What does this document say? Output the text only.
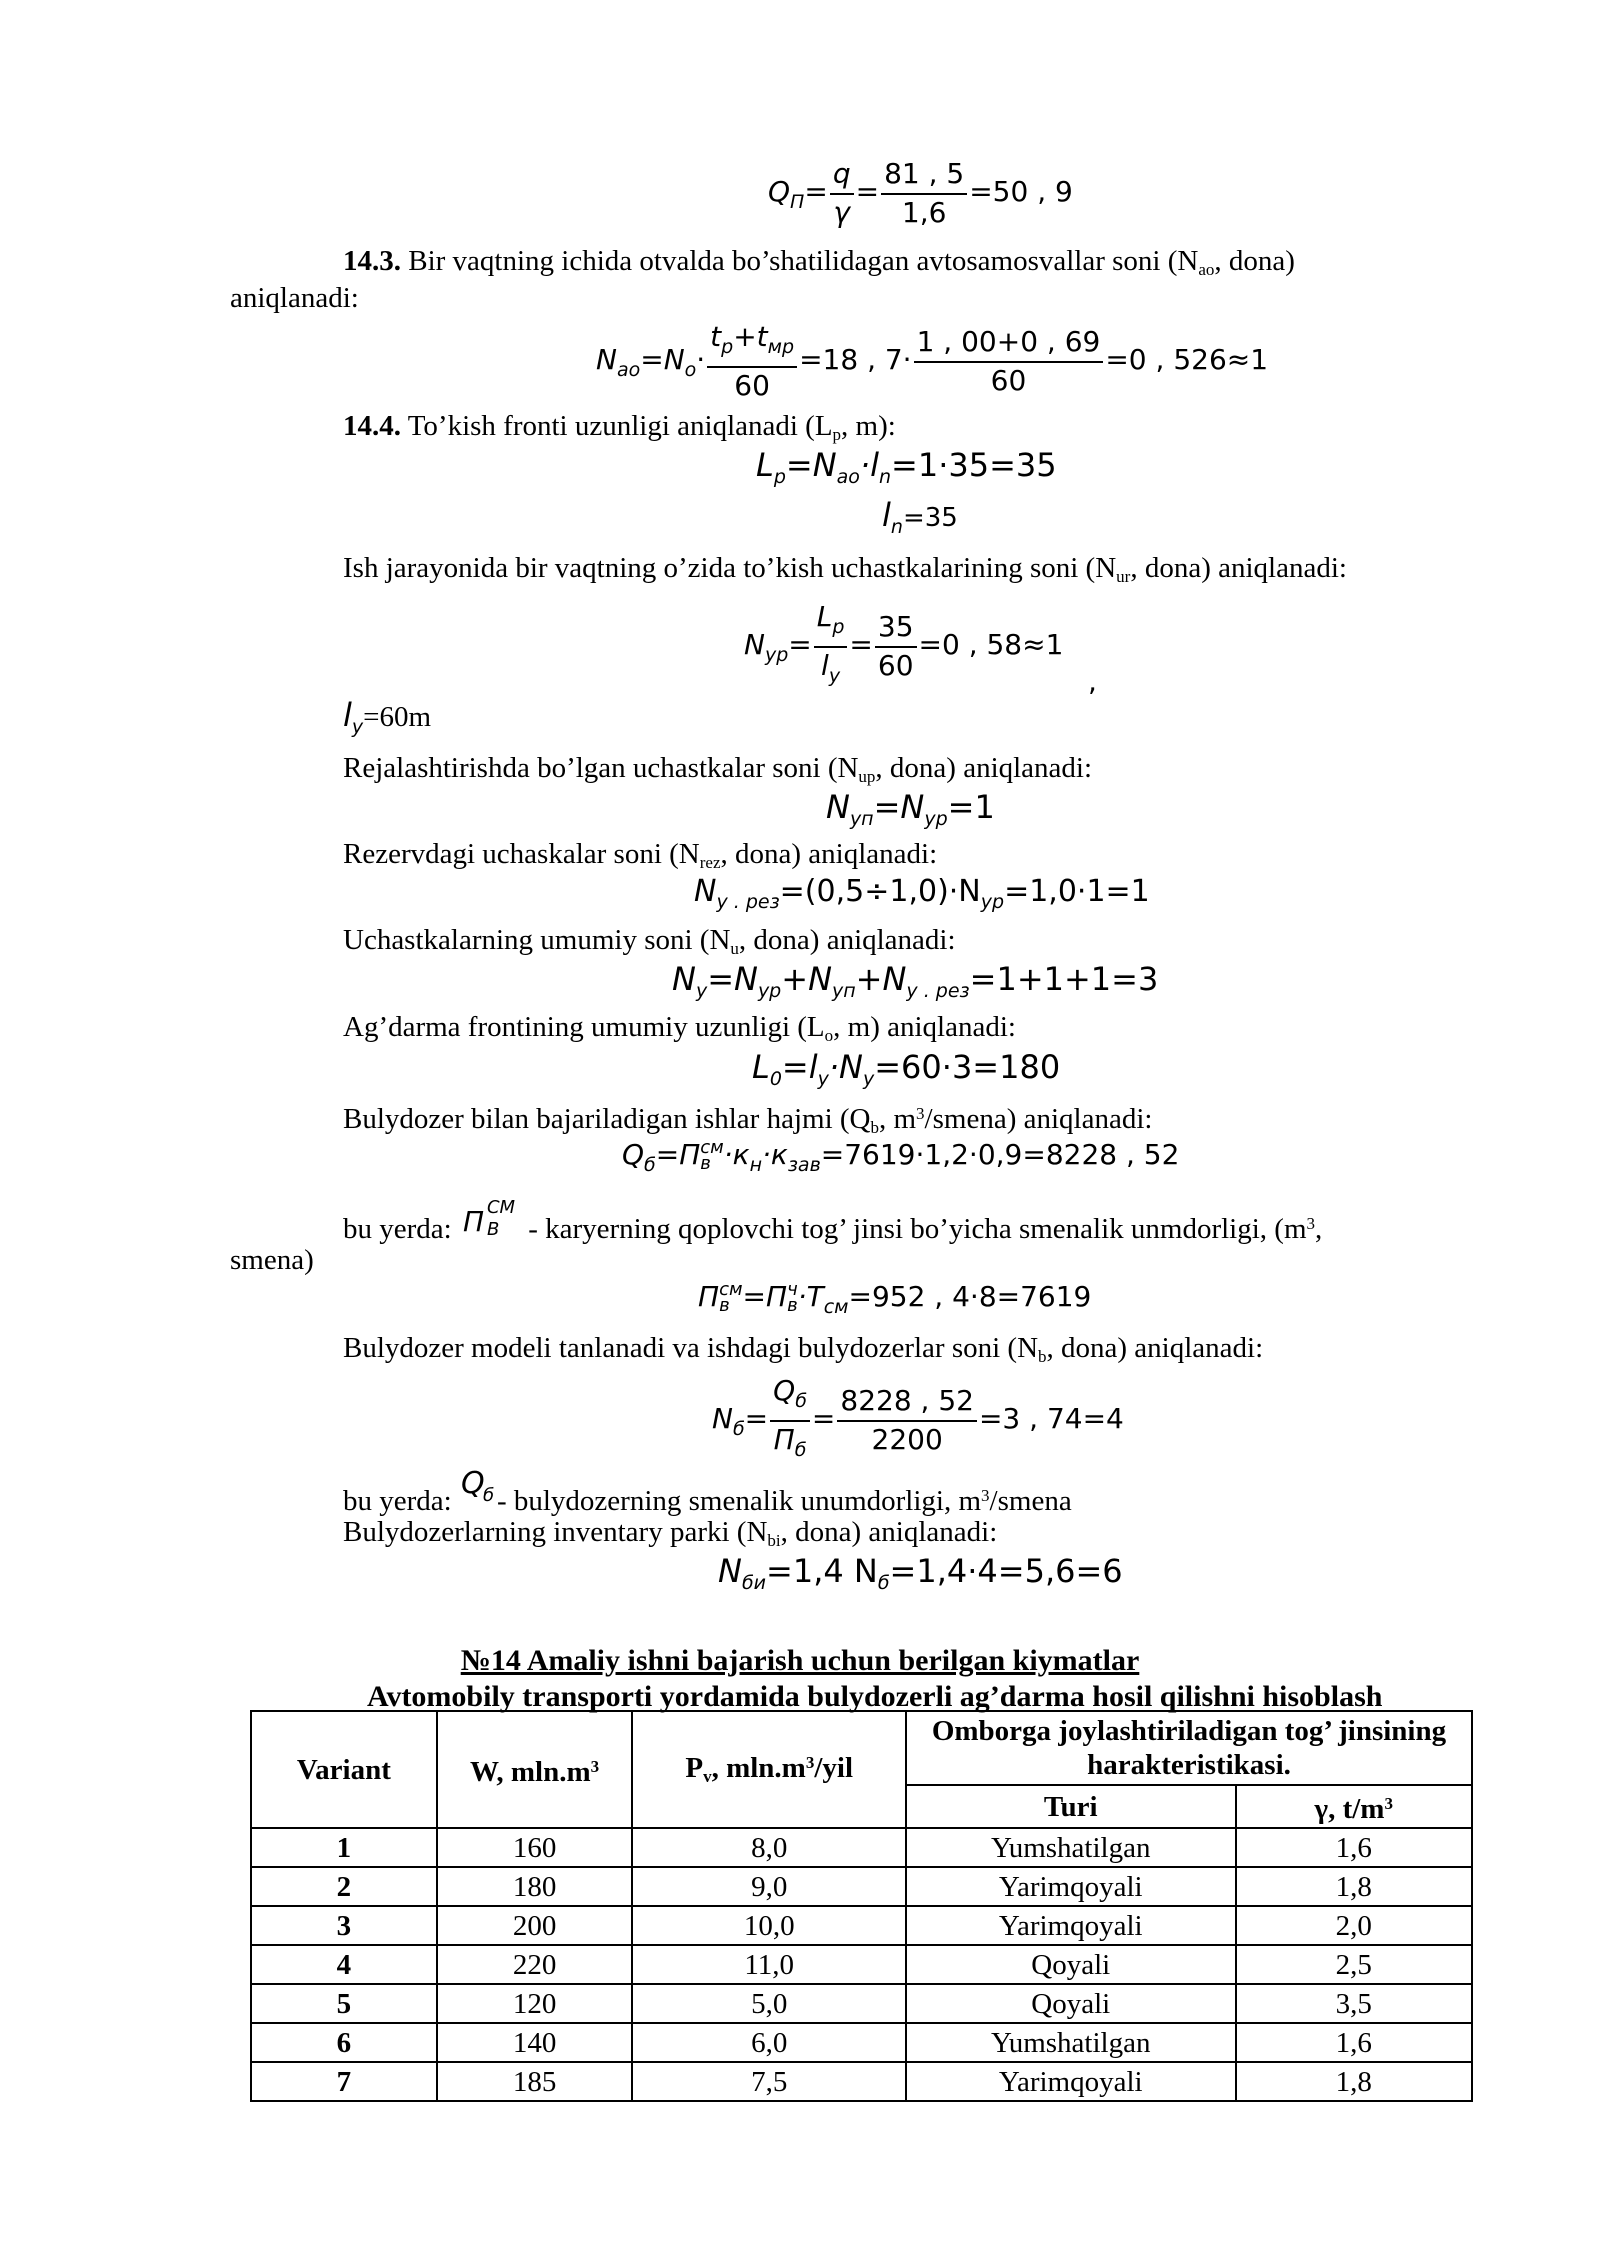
$Q_П= \frac{q}{\gamma} = \frac{81 , 5}{1,6} =50$ , 9
14.3. Bir vaqtning ichida otvalda bo’shatilidagan avtosamosvallar soni (Nao, dona)
aniqlanadi:
$N_{ao}=N_o\cdot \frac{t_p+t_{мр}}{60} =18$ , $7\cdot \frac{1 , 00+0 , 69}{60} =0$ , 526≈1
14.4. To’kish fronti uzunligi aniqlanadi (Lp, m):
$L_p=N_{ao}\cdot l_n=1\cdot 35=35$
$l_n=35$
Ish jarayonida bir vaqtning o’zida to’kish uchastkalarining soni (Nur, dona) aniqlanadi:
$N_{ур}= \frac{L_p}{l_y} = \frac{35}{60} =0$ , 58≈1
,
ly=60m
Rejalashtirishda bo’lgan uchastkalar soni (Nup, dona) aniqlanadi:
$N_{yп}=N_{ур}=1$
Rezervdagi uchaskalar soni (Nrez, dona) aniqlanadi:
$N_{у . рез}=(0,5\div 1,0)\cdot N_{ур}=1,0\cdot 1=1$
Uchastkalarning umumiy soni (Nu, dona) aniqlanadi:
$N_у=N_{ур}+N_{уп}+N_{у . рез}=1+1+1=3$
Ag’darma frontining umumiy uzunligi (Lo, m) aniqlanadi:
$L_0=l_у\cdot N_у=60\cdot 3=180$
Bulydozer bilan bajariladigan ishlar hajmi (Qb, $m^3/smena$) aniqlanadi:
$Q_б=П$ см
$в \cdot к_н\cdot к_{зав}=7619\cdot 1,2\cdot 0,9=8228$ , 52
bu yerda: П СМ
В - karyerning qoplovchi tog’ jinsi bo’yicha smenalik unmdorligi, ($m^3$,
smena)
П см
в =П ч
$в \cdot T_{см}=952$ , 4·8=7619
Bulydozer modeli tanlanadi va ishdagi bulydozerlar soni (Nb, dona) aniqlanadi:
$N_б= \frac{Q_б}{П_б} = \frac{8228 , 52}{2200} =3$ , 74=4
bu yerda: Q
б - bulydozerning smenalik unumdorligi, $m^3$/smena
Bulydozerlarning inventary parki (Nbi, dona) aniqlanadi:
$N_{би}=1,4$ $N_б=1,4\cdot 4=5,6=6$
№14 Amaliy ishni bajarish uchun berilgan kiymatlar
Avtomobily transporti yordamida bulydozerli ag’darma hosil qilishni hisoblash
Variant	W, $mln.m^3$	Pv, $mln.m^3$/yil	Omborga joylashtiriladigan tog’ jinsining harakteristikasi.	
			Turi	γ, $t/m^3$
1	160	8,0	Yumshatilgan	1,6
2	180	9,0	Yarimqoyali	1,8
3	200	10,0	Yarimqoyali	2,0
4	220	11,0	Qoyali	2,5
5	120	5,0	Qoyali	3,5
6	140	6,0	Yumshatilgan	1,6
7	185	7,5	Yarimqoyali	1,8
